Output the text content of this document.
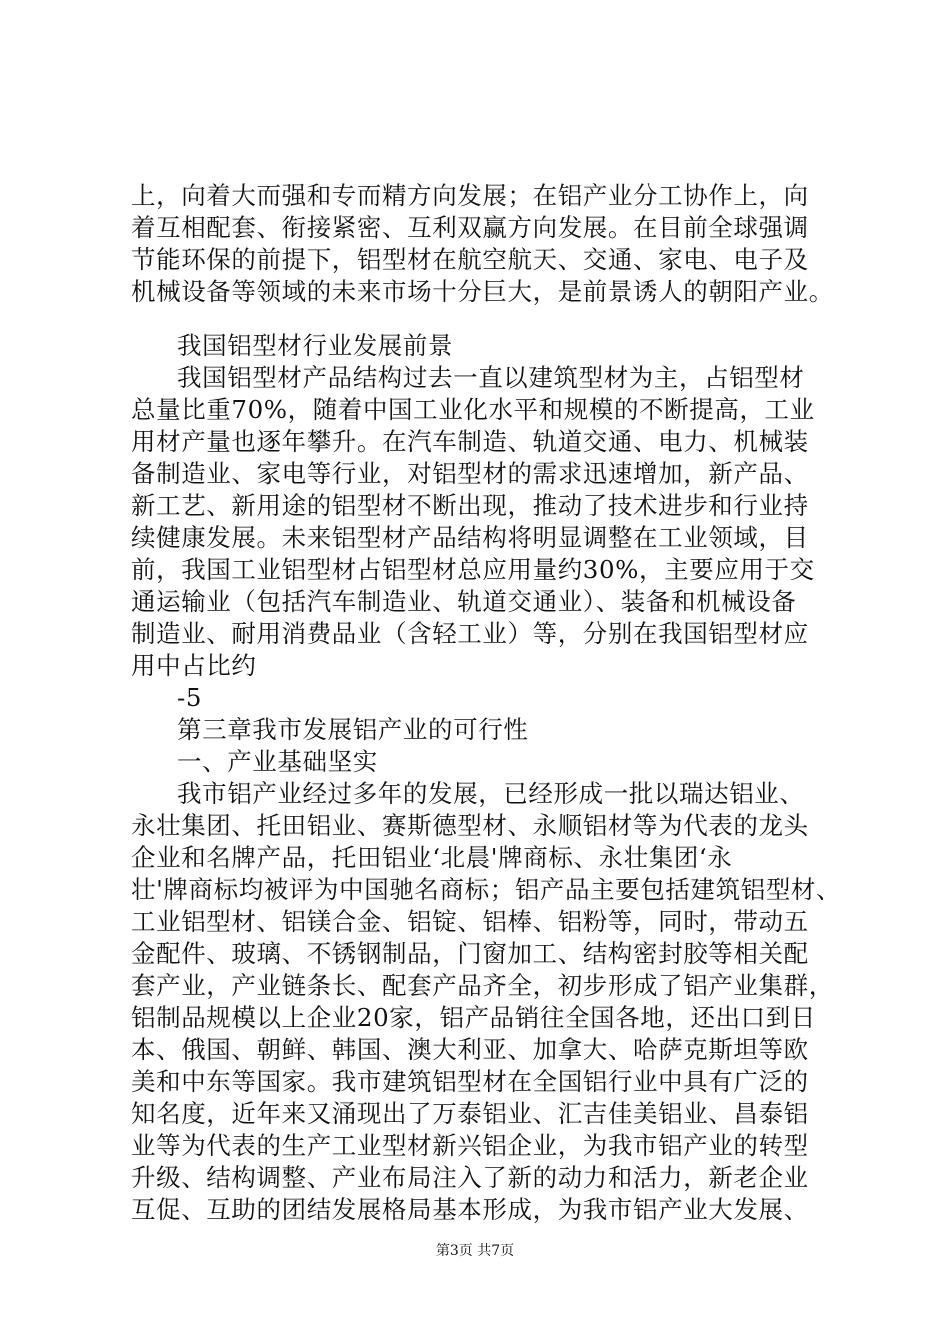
上，向着大而强和专而精方向发展；在铝产业分工协作上，向
着互相配套、衔接紧密、互利双赢方向发展。在目前全球强调
节能环保的前提下，铝型材在航空航天、交通、家电、电子及
机械设备等领域的未来市场十分巨大，是前景诱人的朝阳产业。
我国铝型材行业发展前景
我国铝型材产品结构过去一直以建筑型材为主，占铝型材
总量比重70%，随着中国工业化水平和规模的不断提高，工业
用材产量也逐年攀升。在汽车制造、轨道交通、电力、机械装
备制造业、家电等行业，对铝型材的需求迅速增加，新产品、
新工艺、新用途的铝型材不断出现，推动了技术进步和行业持
续健康发展。未来铝型材产品结构将明显调整在工业领域，目
前，我国工业铝型材占铝型材总应用量约30%，主要应用于交
通运输业（包括汽车制造业、轨道交通业）、装备和机械设备
制造业、耐用消费品业（含轻工业）等，分别在我国铝型材应
用中占比约
-5
第三章我市发展铝产业的可行性
一、产业基础坚实
我市铝产业经过多年的发展，已经形成一批以瑞达铝业、
永壮集团、托田铝业、赛斯德型材、永顺铝材等为代表的龙头
企业和名牌产品，托田铝业‘北晨'牌商标、永壮集团‘永
壮'牌商标均被评为中国驰名商标；铝产品主要包括建筑铝型材、
工业铝型材、铝镁合金、铝锭、铝棒、铝粉等，同时，带动五
金配件、玻璃、不锈钢制品，门窗加工、结构密封胶等相关配
套产业，产业链条长、配套产品齐全，初步形成了铝产业集群，
铝制品规模以上企业20家，铝产品销往全国各地，还出口到日
本、俄国、朝鲜、韩国、澳大利亚、加拿大、哈萨克斯坦等欧
美和中东等国家。我市建筑铝型材在全国铝行业中具有广泛的
知名度，近年来又涌现出了万泰铝业、汇吉佳美铝业、昌泰铝
业等为代表的生产工业型材新兴铝企业，为我市铝产业的转型
升级、结构调整、产业布局注入了新的动力和活力，新老企业
互促、互助的团结发展格局基本形成，为我市铝产业大发展、
第3页 共7页
